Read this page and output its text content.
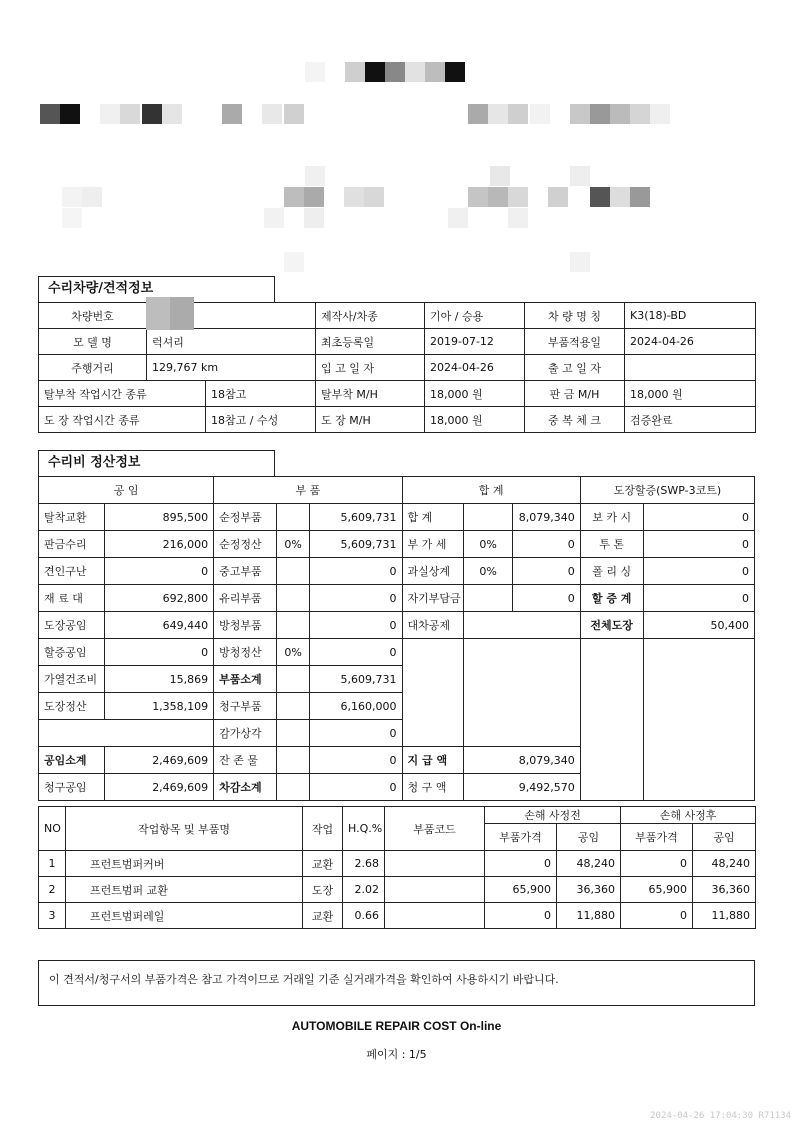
수리차량/견적정보
차량번호			제작사/차종	기아 / 승용	차 량 명 칭	K3(18)-BD
모 델 명	럭셔리		최초등록일	2019-07-12	부품적용일	2024-04-26
주행거리	129,767 km		입 고 일 자	2024-04-26	출 고 일 자	
탈부착 작업시간 종류		18참고	탈부착 M/H	18,000 원	판 금 M/H	18,000 원
도 장 작업시간 종류		18참고 / 수성	도 장 M/H	18,000 원	중 복 체 크	검증완료
수리비 정산정보
공 임		부 품			합 계			도장할증(SWP-3코트)	
탈착교환	895,500	순정부품		5,609,731	합 계		8,079,340	보 카 시	0
판금수리	216,000	순정정산	0%	5,609,731	부 가 세	0%	0	투 톤	0
견인구난	0	중고부품		0	과실상계	0%	0	폴 리 싱	0
재 료 대	692,800	유리부품		0	자기부담금		0	할 증 계	0
도장공임	649,440	방청부품		0	대차공제			전체도장	50,400
할증공임	0	방청정산	0%	0					
가열건조비	15,869	부품소계		5,609,731					
도장정산	1,358,109	청구부품		6,160,000					
		감가상각		0					
공임소계	2,469,609	잔 존 물		0	지 급 액	8,079,340			
청구공임	2,469,609	차감소계		0	청 구 액	9,492,570			
NO	작업항목 및 부품명	작업	H.Q.%	부품코드	손해 사정전		손해 사정후	
					부품가격	공임	부품가격	공임
1	프런트범퍼커버	교환	2.68		0	48,240	0	48,240
2	프런트범퍼 교환	도장	2.02		65,900	36,360	65,900	36,360
3	프런트범퍼레일	교환	0.66		0	11,880	0	11,880
이 견적서/청구서의 부품가격은 참고 가격이므로 거래일 기준 실거래가격을 확인하여 사용하시기 바랍니다.
AUTOMOBILE REPAIR COST On-line
페이지 : 1/5
2024-04-26 17:04:30 R71134
